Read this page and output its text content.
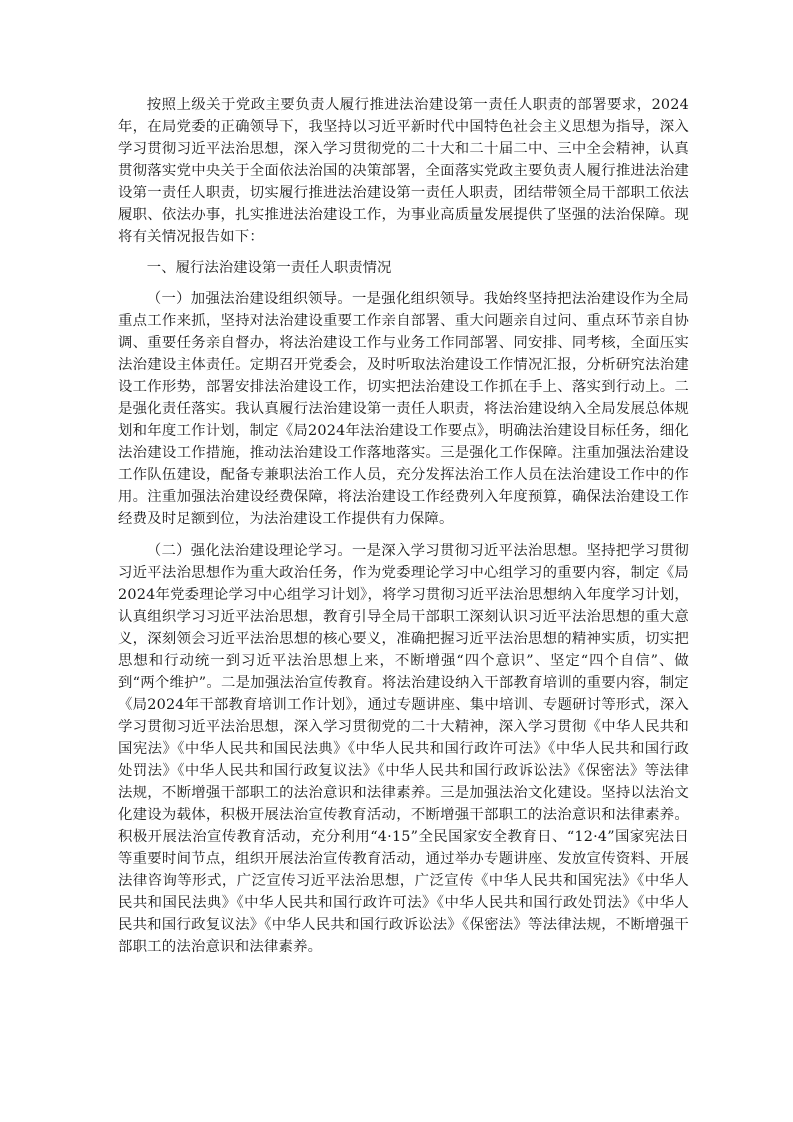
按照上级关于党政主要负责人履行推进法治建设第一责任人职责的部署要求，2024年，在局党委的正确领导下，我坚持以习近平新时代中国特色社会主义思想为指导，深入学习贯彻习近平法治思想，深入学习贯彻党的二十大和二十届二中、三中全会精神，认真贯彻落实党中央关于全面依法治国的决策部署，全面落实党政主要负责人履行推进法治建设第一责任人职责，切实履行推进法治建设第一责任人职责，团结带领全局干部职工依法履职、依法办事，扎实推进法治建设工作，为事业高质量发展提供了坚强的法治保障。现将有关情况报告如下：

一、履行法治建设第一责任人职责情况

（一）加强法治建设组织领导。一是强化组织领导。我始终坚持把法治建设作为全局重点工作来抓，坚持对法治建设重要工作亲自部署、重大问题亲自过问、重点环节亲自协调、重要任务亲自督办，将法治建设工作与业务工作同部署、同安排、同考核，全面压实法治建设主体责任。定期召开党委会，及时听取法治建设工作情况汇报，分析研究法治建设工作形势，部署安排法治建设工作，切实把法治建设工作抓在手上、落实到行动上。二是强化责任落实。我认真履行法治建设第一责任人职责，将法治建设纳入全局发展总体规划和年度工作计划，制定《局2024年法治建设工作要点》，明确法治建设目标任务，细化法治建设工作措施，推动法治建设工作落地落实。三是强化工作保障。注重加强法治建设工作队伍建设，配备专兼职法治工作人员，充分发挥法治工作人员在法治建设工作中的作用。注重加强法治建设经费保障，将法治建设工作经费列入年度预算，确保法治建设工作经费及时足额到位，为法治建设工作提供有力保障。

（二）强化法治建设理论学习。一是深入学习贯彻习近平法治思想。坚持把学习贯彻习近平法治思想作为重大政治任务，作为党委理论学习中心组学习的重要内容，制定《局2024年党委理论学习中心组学习计划》，将学习贯彻习近平法治思想纳入年度学习计划，认真组织学习习近平法治思想，教育引导全局干部职工深刻认识习近平法治思想的重大意义，深刻领会习近平法治思想的核心要义，准确把握习近平法治思想的精神实质，切实把思想和行动统一到习近平法治思想上来，不断增强“四个意识”、坚定“四个自信”、做到“两个维护”。二是加强法治宣传教育。将法治建设纳入干部教育培训的重要内容，制定《局2024年干部教育培训工作计划》，通过专题讲座、集中培训、专题研讨等形式，深入学习贯彻习近平法治思想，深入学习贯彻党的二十大精神，深入学习贯彻《中华人民共和国宪法》《中华人民共和国民法典》《中华人民共和国行政许可法》《中华人民共和国行政处罚法》《中华人民共和国行政复议法》《中华人民共和国行政诉讼法》《保密法》等法律法规，不断增强干部职工的法治意识和法律素养。三是加强法治文化建设。坚持以法治文化建设为载体，积极开展法治宣传教育活动，不断增强干部职工的法治意识和法律素养。积极开展法治宣传教育活动，充分利用“4·15”全民国家安全教育日、“12·4”国家宪法日等重要时间节点，组织开展法治宣传教育活动，通过举办专题讲座、发放宣传资料、开展法律咨询等形式，广泛宣传习近平法治思想，广泛宣传《中华人民共和国宪法》《中华人民共和国民法典》《中华人民共和国行政许可法》《中华人民共和国行政处罚法》《中华人民共和国行政复议法》《中华人民共和国行政诉讼法》《保密法》等法律法规，不断增强干部职工的法治意识和法律素养。
